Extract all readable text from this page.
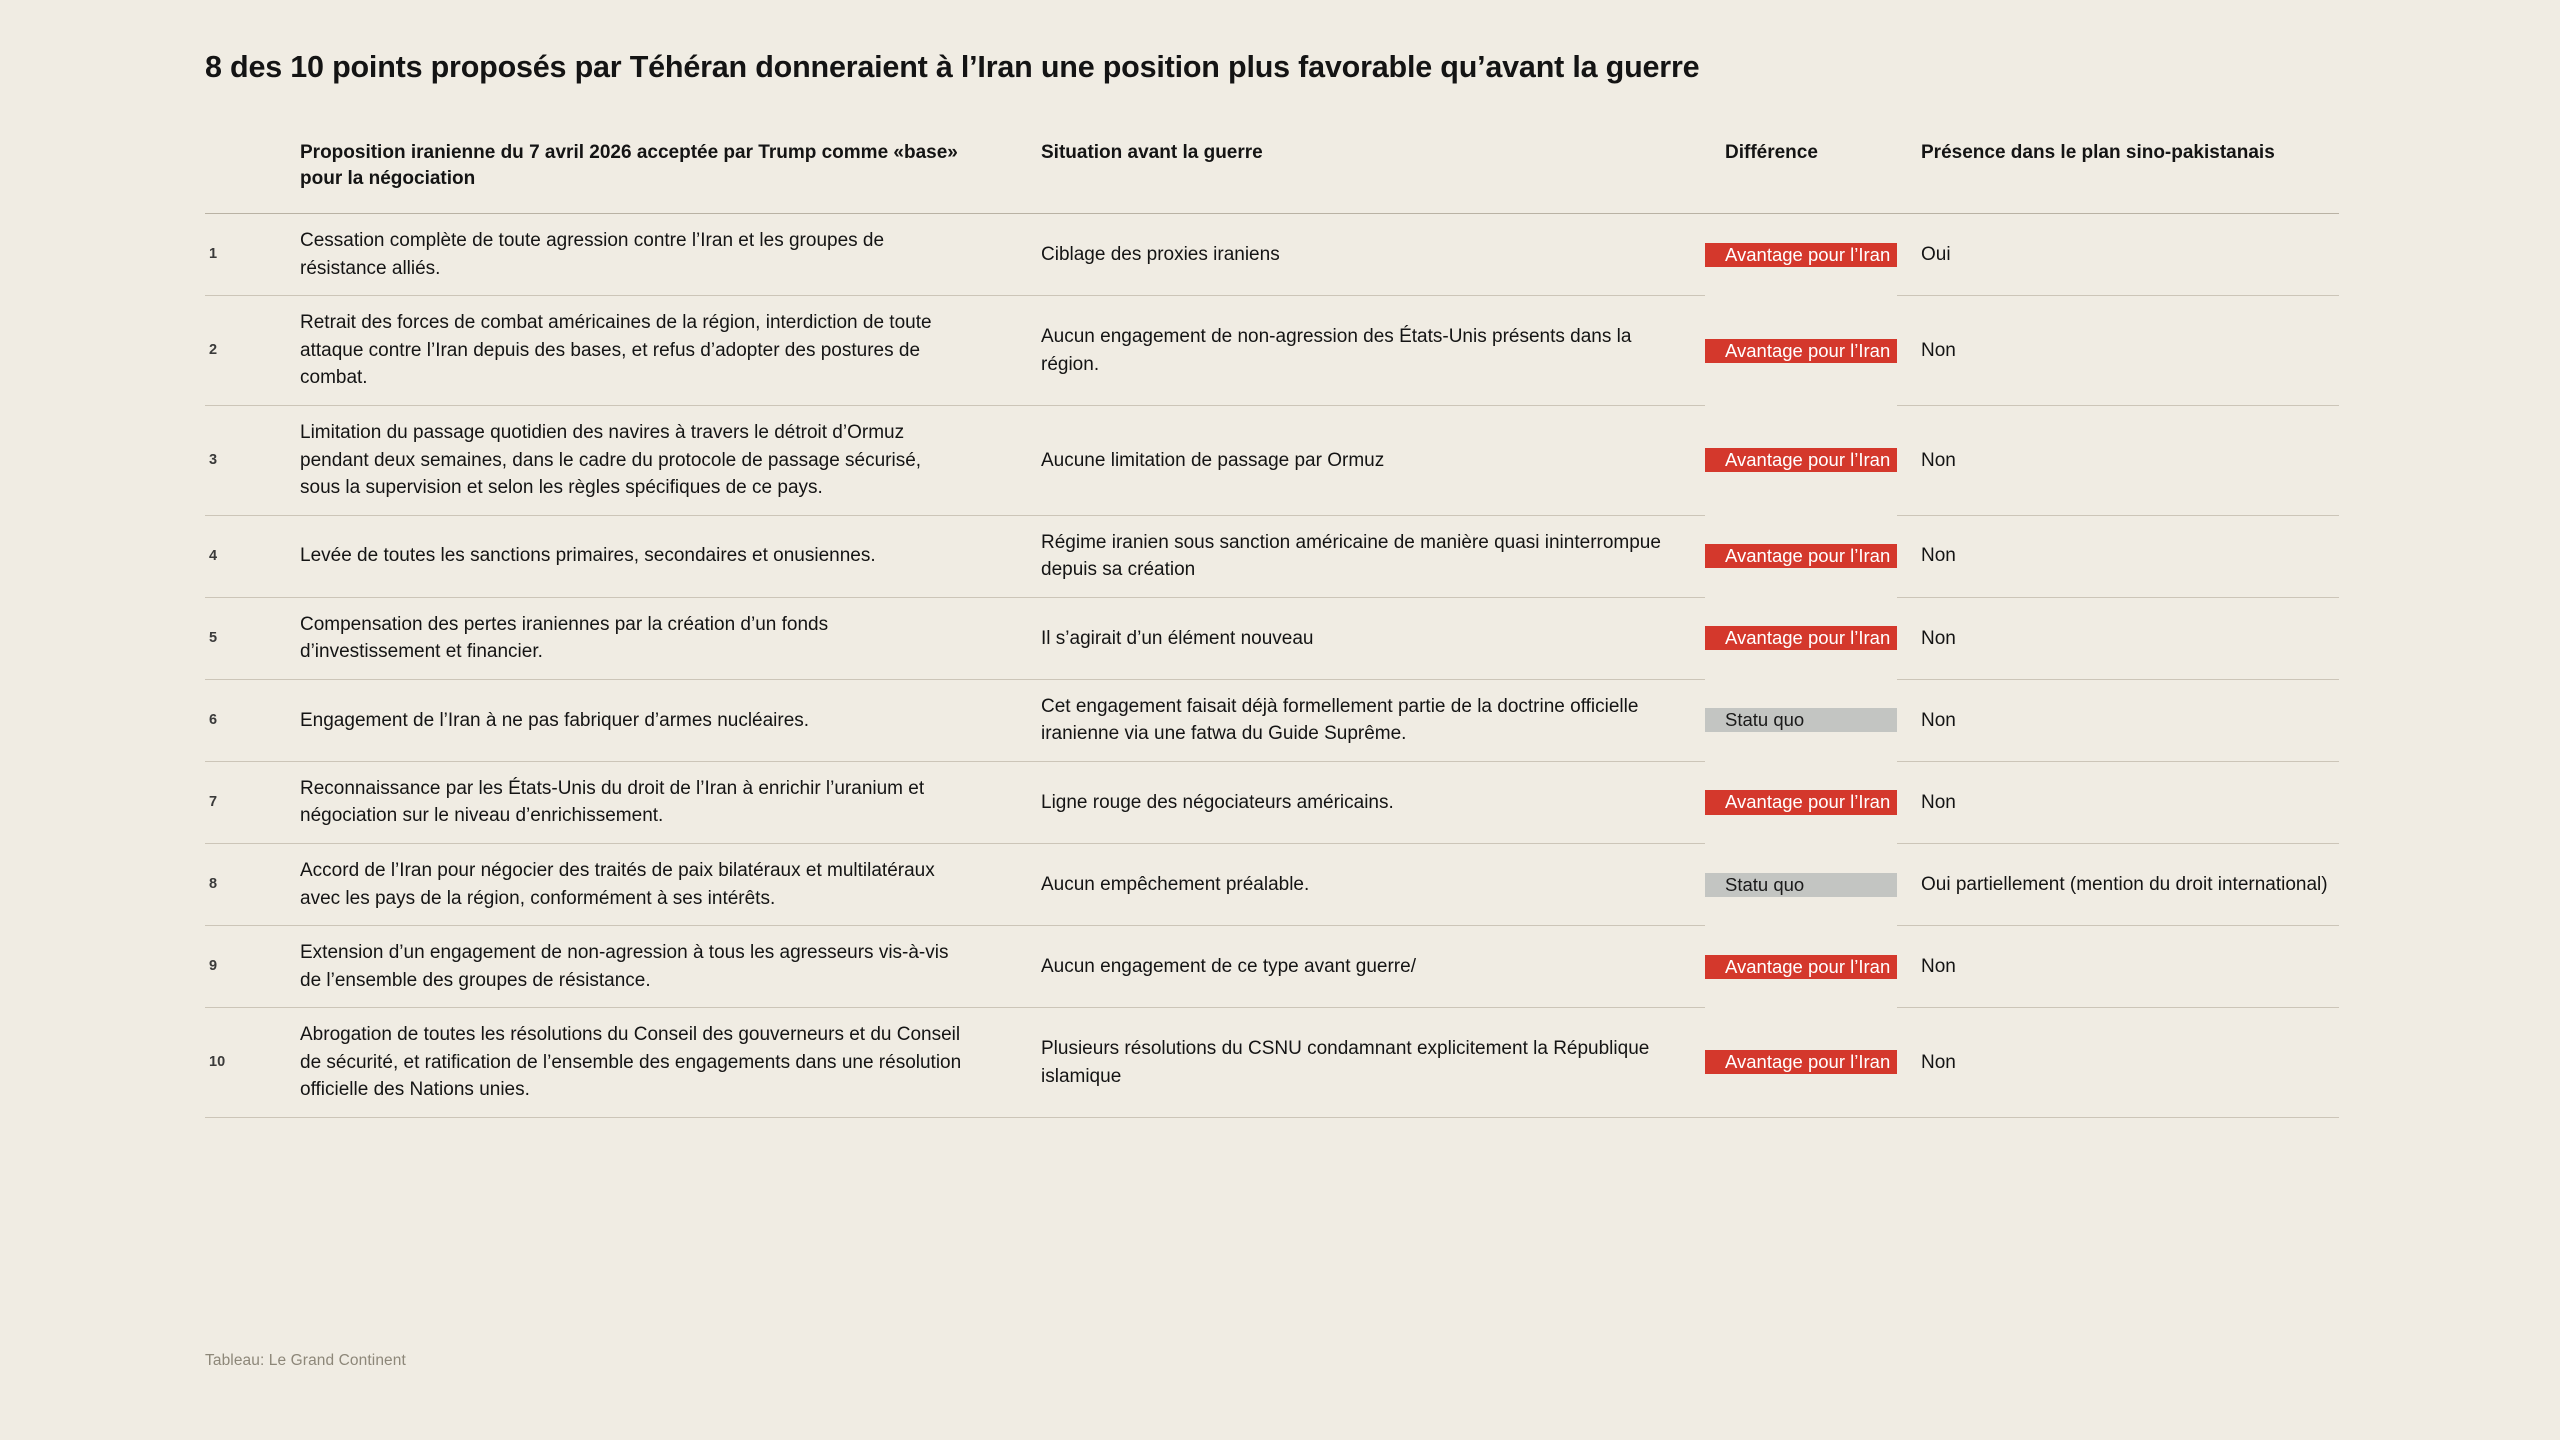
8 des 10 points proposés par Téhéran donneraient à l’Iran une position plus favorable qu’avant la guerre
	Proposition iranienne du 7 avril 2026 acceptée par Trump comme «base» pour la négociation	Situation avant la guerre	Différence	Présence dans le plan sino-pakistanais
1	Cessation complète de toute agression contre l’Iran et les groupes de résistance alliés.	Ciblage des proxies iraniens	Avantage pour l’Iran	Oui
2	Retrait des forces de combat américaines de la région, interdiction de toute attaque contre l’Iran depuis des bases, et refus d’adopter des postures de combat.	Aucun engagement de non-agression des États-Unis présents dans la région.	Avantage pour l’Iran	Non
3	Limitation du passage quotidien des navires à travers le détroit d’Ormuz pendant deux semaines, dans le cadre du protocole de passage sécurisé, sous la supervision et selon les règles spécifiques de ce pays.	Aucune limitation de passage par Ormuz	Avantage pour l’Iran	Non
4	Levée de toutes les sanctions primaires, secondaires et onusiennes.	Régime iranien sous sanction américaine de manière quasi ininterrompue depuis sa création	Avantage pour l’Iran	Non
5	Compensation des pertes iraniennes par la création d’un fonds d’investissement et financier.	Il s’agirait d’un élément nouveau	Avantage pour l’Iran	Non
6	Engagement de l’Iran à ne pas fabriquer d’armes nucléaires.	Cet engagement faisait déjà formellement partie de la doctrine officielle iranienne via une fatwa du Guide Suprême.	Statu quo	Non
7	Reconnaissance par les États-Unis du droit de l’Iran à enrichir l’uranium et négociation sur le niveau d’enrichissement.	Ligne rouge des négociateurs américains.	Avantage pour l’Iran	Non
8	Accord de l’Iran pour négocier des traités de paix bilatéraux et multilatéraux avec les pays de la région, conformément à ses intérêts.	Aucun empêchement préalable.	Statu quo	Oui partiellement (mention du droit international)
9	Extension d’un engagement de non-agression à tous les agresseurs vis-à-vis de l’ensemble des groupes de résistance.	Aucun engagement de ce type avant guerre/	Avantage pour l’Iran	Non
10	Abrogation de toutes les résolutions du Conseil des gouverneurs et du Conseil de sécurité, et ratification de l’ensemble des engagements dans une résolution officielle des Nations unies.	Plusieurs résolutions du CSNU condamnant explicitement la République islamique	Avantage pour l’Iran	Non
Tableau: Le Grand Continent
